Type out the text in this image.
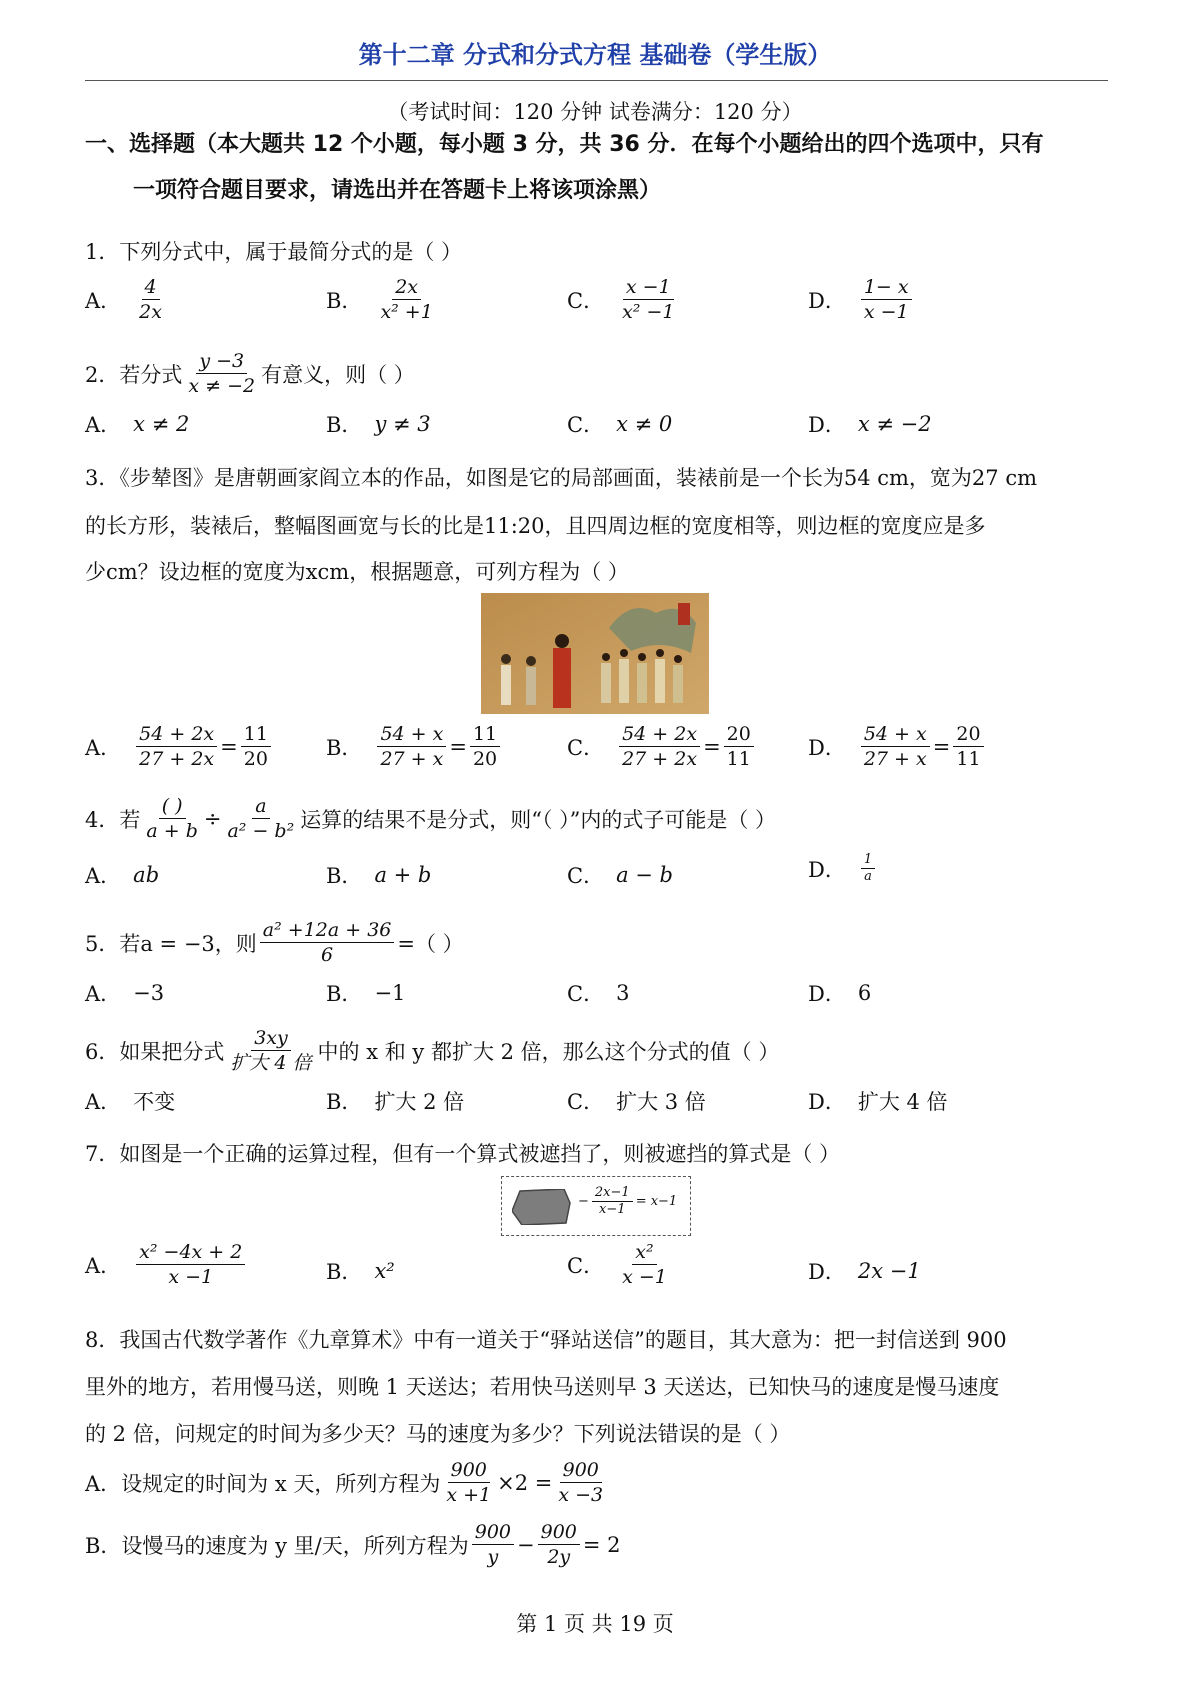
第十二章 分式和分式方程 基础卷（学生版）
（考试时间：120 分钟 试卷满分：120 分）
一、选择题（本大题共 12 个小题，每小题 3 分，共 36 分．在每个小题给出的四个选项中，只有
一项符合题目要求，请选出并在答题卡上将该项涂黑）
1．下列分式中，属于最简分式的是（ ）
A． $\frac{4}{2x}$	B． $\frac{2x}{\text{x² +1}}$	C． $\frac{x -1}{\text{x² −1}}$	D． $\frac{1- x}{x -1}$
2．若分式 $\frac{y -3}{x \ne -2}$ 有意义，则（ ）
A． x ≠ 2	B． y ≠ 3	C． x ≠ 0	D． x ≠ −2
3．《步辇图》是唐朝画家阎立本的作品，如图是它的局部画面，装裱前是一个长为54 cm，宽为27 cm
的长方形，装裱后，整幅图画宽与长的比是11:20，且四周边框的宽度相等，则边框的宽度应是多
少cm？设边框的宽度为xcm，根据题意，可列方程为（ ）
A． $\frac{54 + 2x}{27 + 2x} = \frac{11}{20}$	B． $\frac{54 + x}{27 + x} = \frac{11}{20}$	C． $\frac{54 + 2x}{27 + 2x} = \frac{20}{11}$	D． $\frac{54 + x}{27 + x} = \frac{20}{11}$
4．若 $\frac{( )}{a + b} \div \frac{a}{\text{a² − b²}}$ 运算的结果不是分式，则“（ ）”内的式子可能是（ ）
A． ab	B． a + b	C． a − b	D． $\frac{1}{a}$
5．若a = −3，则 $\frac{\text{a² +12a + 36}}{6}$ =（ ）
A． −3	B． −1	C． 3	D． 6
6．如果把分式 $\frac{3xy}{\text{扩大 4 倍}}$ 中的 x 和 y 都扩大 2 倍，那么这个分式的值（ ）
A． 不变	B． 扩大 2 倍	C． 扩大 3 倍	D． 扩大 4 倍
7．如图是一个正确的运算过程，但有一个算式被遮挡了，则被遮挡的算式是（ ）
− $\frac{2x-1}{x-1} = x-1$
A． $\frac{\text{x² −4x + 2}}{x -1}$	B． x²	C． $\frac{\text{x²}}{x -1}$	D． 2x −1
8．我国古代数学著作《九章算术》中有一道关于“驿站送信”的题目，其大意为：把一封信送到 900
里外的地方，若用慢马送，则晚 1 天送达；若用快马送则早 3 天送达，已知快马的速度是慢马速度
的 2 倍，问规定的时间为多少天？马的速度为多少？下列说法错误的是（ ）
A．设规定的时间为 x 天，所列方程为 $\frac{900}{x +1} \times 2 = \frac{900}{x -3}$
B．设慢马的速度为 y 里/天，所列方程为 $\frac{900}{y} - \frac{900}{2y} = 2$
第 1 页 共 19 页
